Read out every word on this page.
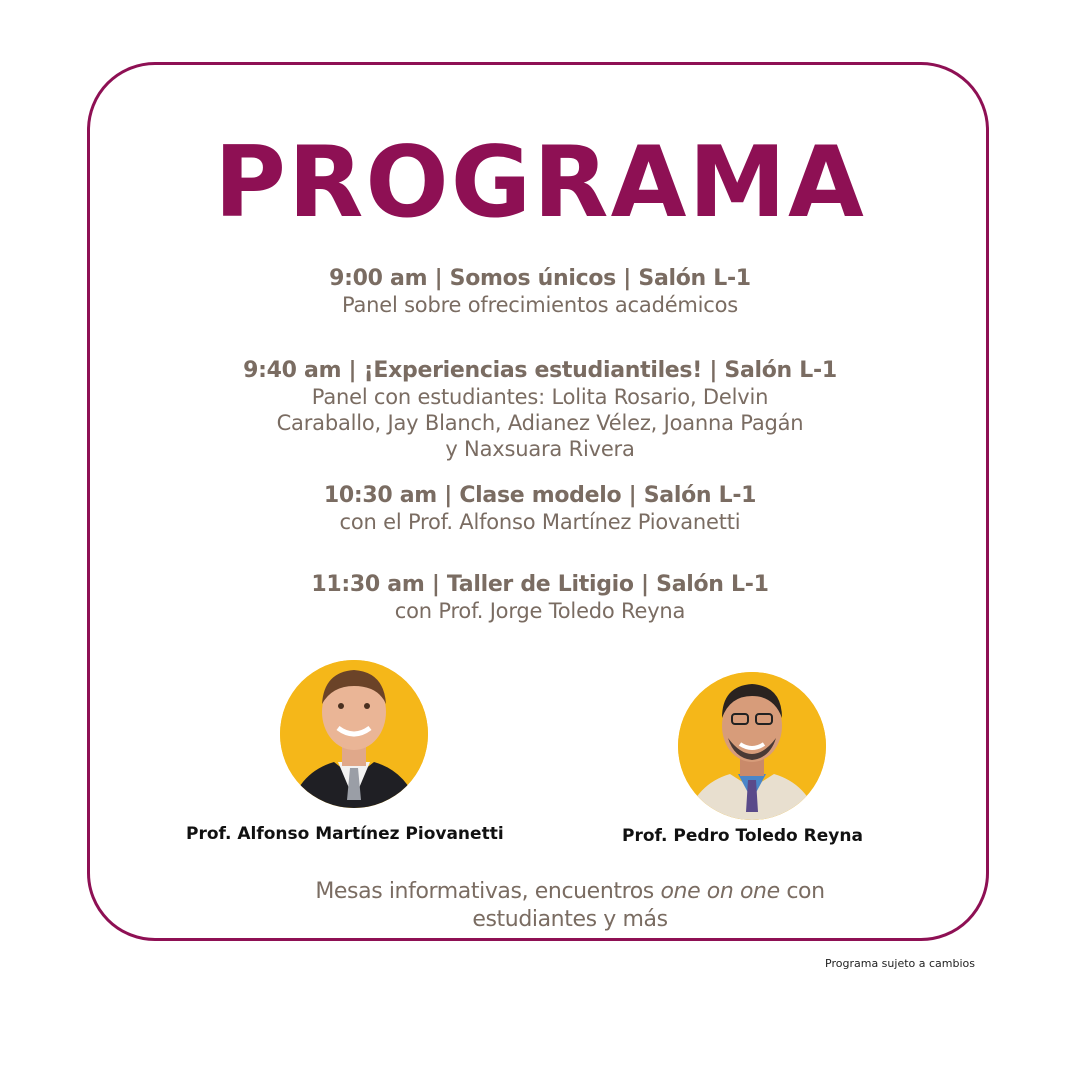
PROGRAMA
9:00 am | Somos únicos | Salón L-1
Panel sobre ofrecimientos académicos
9:40 am | ¡Experiencias estudiantiles! | Salón L-1
Panel con estudiantes: Lolita Rosario, Delvin
Caraballo, Jay Blanch, Adianez Vélez, Joanna Pagán
y Naxsuara Rivera
10:30 am | Clase modelo | Salón L-1
con el Prof. Alfonso Martínez Piovanetti
11:30 am | Taller de Litigio | Salón L-1
con Prof. Jorge Toledo Reyna
Prof. Alfonso Martínez Piovanetti	Prof. Pedro Toledo Reyna
Mesas informativas, encuentros one on one con
estudiantes y más
Programa sujeto a cambios
